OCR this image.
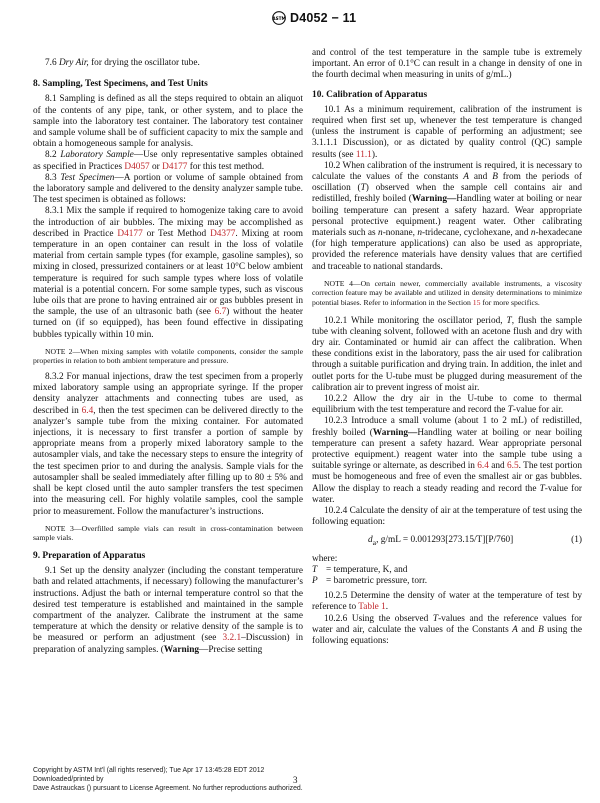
ASTM D4052 − 11

7.6 Dry Air, for drying the oscillator tube.

8. Sampling, Test Specimens, and Test Units

8.1 Sampling is defined as all the steps required to obtain an aliquot of the contents of any pipe, tank, or other system, and to place the sample into the laboratory test container. The laboratory test container and sample volume shall be of sufficient capacity to mix the sample and obtain a homogeneous sample for analysis.

8.2 Laboratory Sample—Use only representative samples obtained as specified in Practices D4057 or D4177 for this test method.

8.3 Test Specimen—A portion or volume of sample obtained from the laboratory sample and delivered to the density analyzer sample tube. The test specimen is obtained as follows:

8.3.1 Mix the sample if required to homogenize taking care to avoid the introduction of air bubbles. The mixing may be accomplished as described in Practice D4177 or Test Method D4377. Mixing at room temperature in an open container can result in the loss of volatile material from certain sample types (for example, gasoline samples), so mixing in closed, pressurized containers or at least 10°C below ambient temperature is required for such sample types where loss of volatile material is a potential concern. For some sample types, such as viscous lube oils that are prone to having entrained air or gas bubbles present in the sample, the use of an ultrasonic bath (see 6.7) without the heater turned on (if so equipped), has been found effective in dissipating bubbles typically within 10 min.

NOTE 2—When mixing samples with volatile components, consider the sample properties in relation to both ambient temperature and pressure.

8.3.2 For manual injections, draw the test specimen from a properly mixed laboratory sample using an appropriate syringe. If the proper density analyzer attachments and connecting tubes are used, as described in 6.4, then the test specimen can be delivered directly to the analyzer’s sample tube from the mixing container. For automated injections, it is necessary to first transfer a portion of sample by appropriate means from a properly mixed laboratory sample to the autosampler vials, and take the necessary steps to ensure the integrity of the test specimen prior to and during the analysis. Sample vials for the autosampler shall be sealed immediately after filling up to 80 ± 5% and shall be kept closed until the auto sampler transfers the test specimen into the measuring cell. For highly volatile samples, cool the sample prior to measurement. Follow the manufacturer’s instructions.

NOTE 3—Overfilled sample vials can result in cross-contamination between sample vials.

9. Preparation of Apparatus

9.1 Set up the density analyzer (including the constant temperature bath and related attachments, if necessary) following the manufacturer’s instructions. Adjust the bath or internal temperature control so that the desired test temperature is established and maintained in the sample compartment of the analyzer. Calibrate the instrument at the same temperature at which the density or relative density of the sample is to be measured or perform an adjustment (see 3.2.1–Discussion) in preparation of analyzing samples. (Warning—Precise setting

and control of the test temperature in the sample tube is extremely important. An error of 0.1°C can result in a change in density of one in the fourth decimal when measuring in units of g/mL.)

10. Calibration of Apparatus

10.1 As a minimum requirement, calibration of the instrument is required when first set up, whenever the test temperature is changed (unless the instrument is capable of performing an adjustment; see 3.1.1.1 Discussion), or as dictated by quality control (QC) sample results (see 11.1).

10.2 When calibration of the instrument is required, it is necessary to calculate the values of the constants A and B from the periods of oscillation (T) observed when the sample cell contains air and redistilled, freshly boiled (Warning—Handling water at boiling or near boiling temperature can present a safety hazard. Wear appropriate personal protective equipment.) reagent water. Other calibrating materials such as n-nonane, n-tridecane, cyclohexane, and n-hexadecane (for high temperature applications) can also be used as appropriate, provided the reference materials have density values that are certified and traceable to national standards.

NOTE 4—On certain newer, commercially available instruments, a viscosity correction feature may be available and utilized in density determinations to minimize potential biases. Refer to information in the Section 15 for more specifics.

10.2.1 While monitoring the oscillator period, T, flush the sample tube with cleaning solvent, followed with an acetone flush and dry with dry air. Contaminated or humid air can affect the calibration. When these conditions exist in the laboratory, pass the air used for calibration through a suitable purification and drying train. In addition, the inlet and outlet ports for the U-tube must be plugged during measurement of the calibration air to prevent ingress of moist air.

10.2.2 Allow the dry air in the U-tube to come to thermal equilibrium with the test temperature and record the T-value for air.

10.2.3 Introduce a small volume (about 1 to 2 mL) of redistilled, freshly boiled (Warning—Handling water at boiling or near boiling temperature can present a safety hazard. Wear appropriate personal protective equipment.) reagent water into the sample tube using a suitable syringe or alternate, as described in 6.4 and 6.5. The test portion must be homogeneous and free of even the smallest air or gas bubbles. Allow the display to reach a steady reading and record the T-value for water.

10.2.4 Calculate the density of air at the temperature of test using the following equation:

$d_a$, g/mL = 0.001293[273.15/T][P/760]	(1)

where:

T = temperature, K, and
P = barometric pressure, torr.

10.2.5 Determine the density of water at the temperature of test by reference to Table 1.

10.2.6 Using the observed T-values and the reference values for water and air, calculate the values of the Constants A and B using the following equations:

Copyright by ASTM Int'l (all rights reserved); Tue Apr 17 13:45:28 EDT 2012
Downloaded/printed by
Dave Astrauckas () pursuant to License Agreement. No further reproductions authorized.
3
